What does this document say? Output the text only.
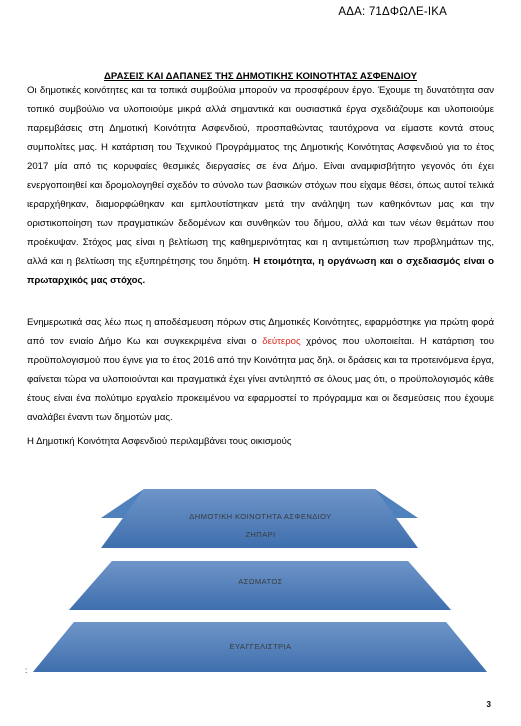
ΑΔΑ: 71ΔΦΩΛΕ-ΙΚΑ
ΔΡΑΣΕΙΣ ΚΑΙ ΔΑΠΑΝΕΣ ΤΗΣ ΔΗΜΟΤΙΚΗΣ ΚΟΙΝΟΤΗΤΑΣ ΑΣΦΕΝΔΙΟΥ
Οι δημοτικές κοινότητες και τα τοπικά συμβούλια μπορούν να προσφέρουν έργο. Έχουμε τη δυνατότητα σαν τοπικό συμβούλιο να υλοποιούμε μικρά αλλά σημαντικά και ουσιαστικά έργα σχεδιάζουμε και υλοποιούμε παρεμβάσεις στη Δημοτική Κοινότητα Ασφενδιού, προσπαθώντας ταυτόχρονα να είμαστε κοντά στους συμπολίτες μας. Η κατάρτιση του Τεχνικού Προγράμματος της Δημοτικής Κοινότητας Ασφενδιού για το έτος 2017 μία από τις κορυφαίες θεσμικές διεργασίες σε ένα Δήμο. Είναι αναμφισβήτητο γεγονός ότι έχει ενεργοποιηθεί και δρομολογηθεί σχεδόν το σύνολο των βασικών στόχων που είχαμε θέσει, όπως αυτοί τελικά ιεραρχήθηκαν, διαμορφώθηκαν και εμπλουτίστηκαν μετά την ανάληψη των καθηκόντων μας και την οριστικοποίηση των πραγματικών δεδομένων και συνθηκών του δήμου, αλλά και των νέων θεμάτων που προέκυψαν. Στόχος μας είναι η βελτίωση της καθημερινότητας και η αντιμετώπιση των προβλημάτων της, αλλά και η βελτίωση της εξυπηρέτησης του δημότη. Η ετοιμότητα, η οργάνωση και ο σχεδιασμός είναι ο πρωταρχικός μας στόχος.
Ενημερωτικά σας λέω πως η αποδέσμευση πόρων στις Δημοτικές Κοινότητες, εφαρμόστηκε για πρώτη φορά από τον ενιαίο Δήμο Κω και συγκεκριμένα είναι ο δεύτερος χρόνος που υλοποιείται. Η κατάρτιση του προϋπολογισμού που έγινε για το έτος 2016 από την Κοινότητα μας δηλ. οι δράσεις και τα προτεινόμενα έργα, φαίνεται τώρα να υλοποιούνται και πραγματικά έχει γίνει αντιληπτό σε όλους μας ότι, ο προϋπολογισμός κάθε έτους είναι ένα πολύτιμο εργαλείο προκειμένου να εφαρμοστεί το πρόγραμμα και οι δεσμεύσεις που έχουμε αναλάβει έναντι των δημοτών μας.
Η Δημοτική Κοινότητα Ασφενδιού περιλαμβάνει τους οικισμούς
ΔΗΜΟΤΙΚΗ ΚΟΙΝΟΤΗΤΑ ΑΣΦΕΝΔΙΟΥ
ΖΗΠΑΡΙ
ΑΣΩΜΑΤΟΣ
ΕΥΑΓΓΕΛΙΣΤΡΙΑ
:
3
